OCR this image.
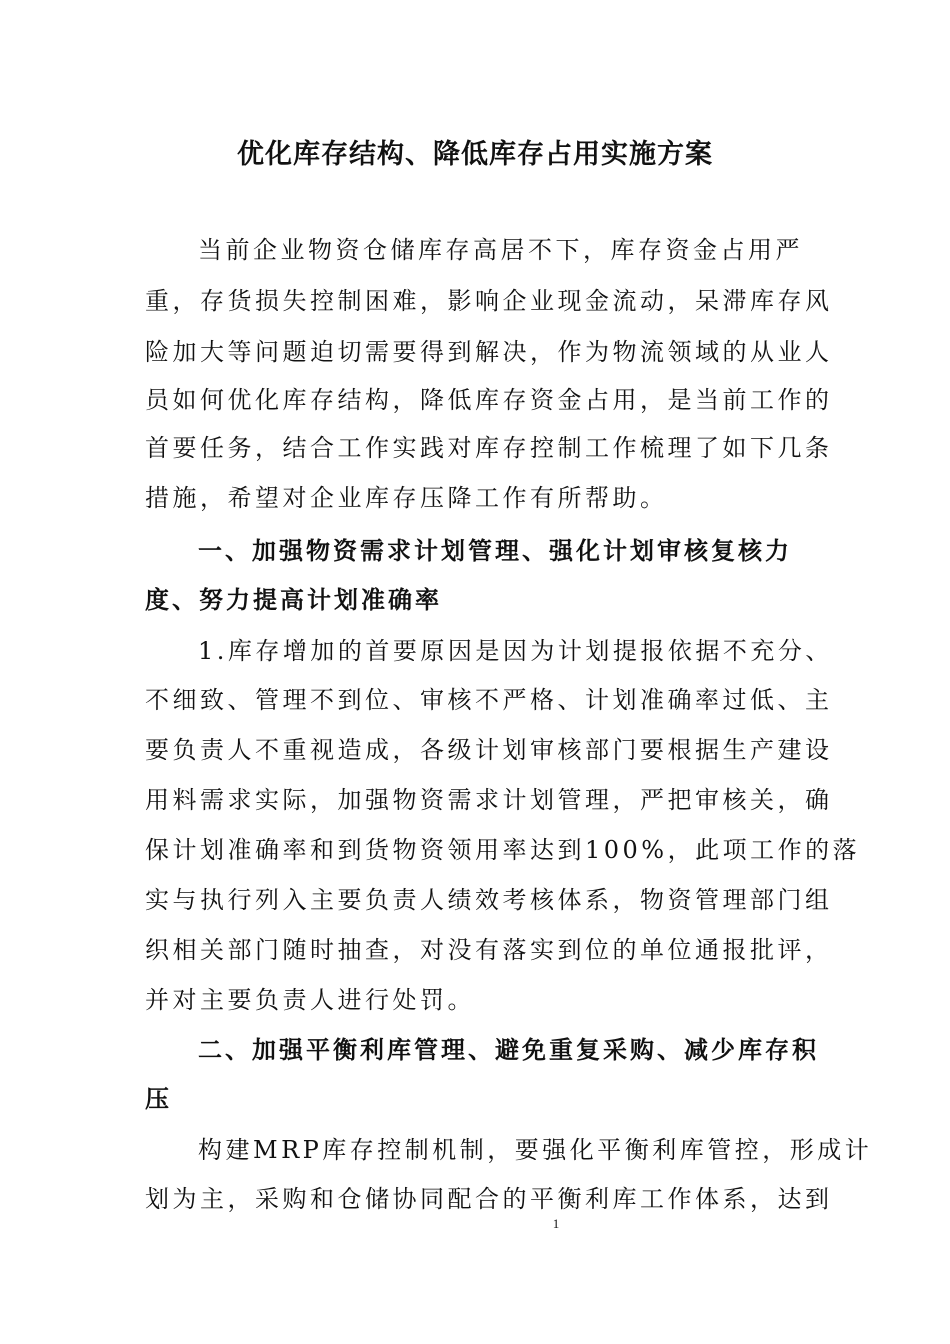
优化库存结构、降低库存占用实施方案
当前企业物资仓储库存高居不下，库存资金占用严
重，存货损失控制困难，影响企业现金流动，呆滞库存风
险加大等问题迫切需要得到解决，作为物流领域的从业人
员如何优化库存结构，降低库存资金占用，是当前工作的
首要任务，结合工作实践对库存控制工作梳理了如下几条
措施，希望对企业库存压降工作有所帮助。
一、加强物资需求计划管理、强化计划审核复核力
度、努力提高计划准确率
1.库存增加的首要原因是因为计划提报依据不充分、
不细致、管理不到位、审核不严格、计划准确率过低、主
要负责人不重视造成，各级计划审核部门要根据生产建设
用料需求实际，加强物资需求计划管理，严把审核关，确
保计划准确率和到货物资领用率达到100%，此项工作的落
实与执行列入主要负责人绩效考核体系，物资管理部门组
织相关部门随时抽查，对没有落实到位的单位通报批评，
并对主要负责人进行处罚。
二、加强平衡利库管理、避免重复采购、减少库存积
压
构建MRP库存控制机制，要强化平衡利库管控，形成计
划为主，采购和仓储协同配合的平衡利库工作体系，达到
1
